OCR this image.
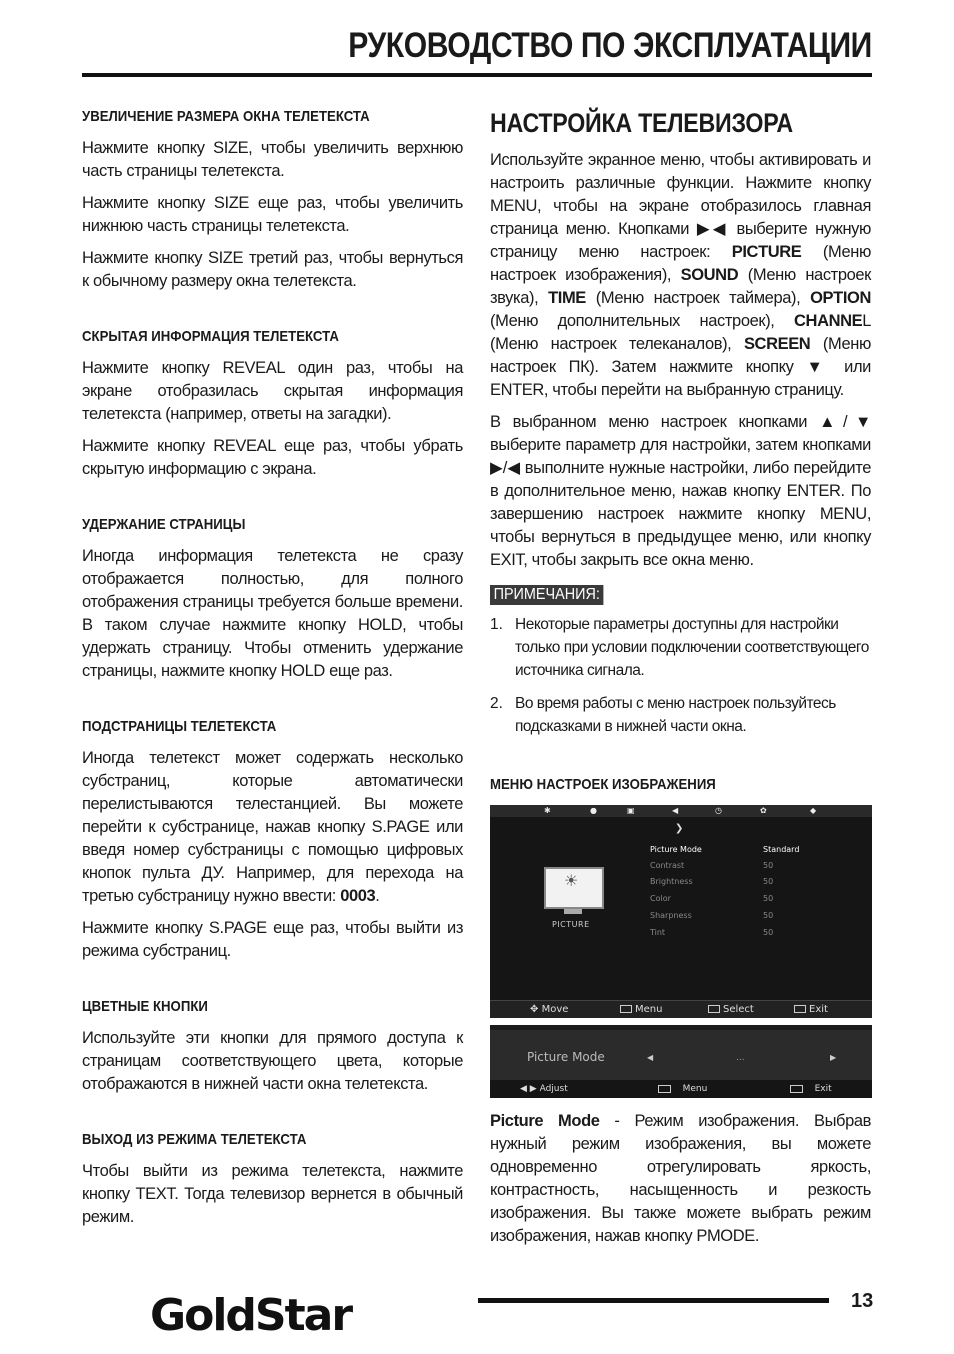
РУКОВОДСТВО ПО ЭКСПЛУАТАЦИИ
УВЕЛИЧЕНИЕ РАЗМЕРА ОКНА ТЕЛЕТЕКСТА

Нажмите кнопку SIZE, чтобы увеличить верхнюю часть страницы телетекста.

Нажмите кнопку SIZE еще раз, чтобы увеличить нижнюю часть страницы телетекста.

Нажмите кнопку SIZE третий раз, чтобы вернуться к обычному размеру окна телетекста.

СКРЫТАЯ ИНФОРМАЦИЯ ТЕЛЕТЕКСТА

Нажмите кнопку REVEAL один раз, чтобы на экране отобразилась скрытая информация телетекста (например, ответы на загадки).

Нажмите кнопку REVEAL еще раз, чтобы убрать скрытую информацию с экрана.

УДЕРЖАНИЕ СТРАНИЦЫ

Иногда информация телетекста не сразу отображается полностью, для полного отображения страницы требуется больше времени. В таком случае нажмите кнопку HOLD, чтобы удержать страницу. Чтобы отменить удержание страницы, нажмите кнопку HOLD еще раз.

ПОДСТРАНИЦЫ ТЕЛЕТЕКСТА

Иногда телетекст может содержать несколько субстраниц, которые автоматически перелистываются телестанцией. Вы можете перейти к субстранице, нажав кнопку S.PAGE или введя номер субстраницы с помощью цифровых кнопок пульта ДУ. Например, для перехода на третью субстраницу нужно ввести: 0003.

Нажмите кнопку S.PAGE еще раз, чтобы выйти из режима субстраниц.

ЦВЕТНЫЕ КНОПКИ

Используйте эти кнопки для прямого доступа к страницам соответствующего цвета, которые отображаются в нижней части окна телетекста.

ВЫХОД ИЗ РЕЖИМА ТЕЛЕТЕКСТА

Чтобы выйти из режима телетекста, нажмите кнопку TEXT. Тогда телевизор вернется в обычный режим.

НАСТРОЙКА ТЕЛЕВИЗОРА

Используйте экранное меню, чтобы активировать и настроить различные функции. Нажмите кнопку MENU, чтобы на экране отобразилось главная страница меню. Кнопками ▶◀ выберите нужную страницу меню настроек: PICTURE (Меню настроек изображения), SOUND (Меню настроек звука), TIME (Меню настроек таймера), OPTION (Меню дополнительных настроек), CHANNEL (Меню настроек телеканалов), SCREEN (Меню настроек ПК). Затем нажмите кнопку ▼ или ENTER, чтобы перейти на выбранную страницу.

В выбранном меню настроек кнопками ▲/▼ выберите параметр для настройки, затем кнопками ▶/◀ выполните нужные настройки, либо перейдите в дополнительное меню, нажав кнопку ENTER. По завершению настроек нажмите кнопку MENU, чтобы вернуться в предыдущее меню, или кнопку EXIT, чтобы закрыть все окна меню.

ПРИМЕЧАНИЯ:
1. Некоторые параметры доступны для настройки только при условии подключении соответствующего источника сигнала.
2. Во время работы с меню настроек пользуйтесь подсказками в нижней части окна.
МЕНЮ НАСТРОЕК ИЗОБРАЖЕНИЯ
✱	●	▣	◀	◷	✿	◆
❯
☀
PICTURE
Picture Mode	Standard
Contrast	50
Brightness	50
Color	50
Sharpness	50
Tint	50
✥ Move	Menu	Select	Exit
Picture Mode	◀	...	▶
◀ ▶ Adjust	Menu	Exit

Picture Mode - Режим изображения. Выбрав нужный режим изображения, вы можете одновременно отрегулировать яркость, контрастность, насыщенность и резкость изображения. Вы также можете выбрать режим изображения, нажав кнопку PMODE.

GoldStar	13
